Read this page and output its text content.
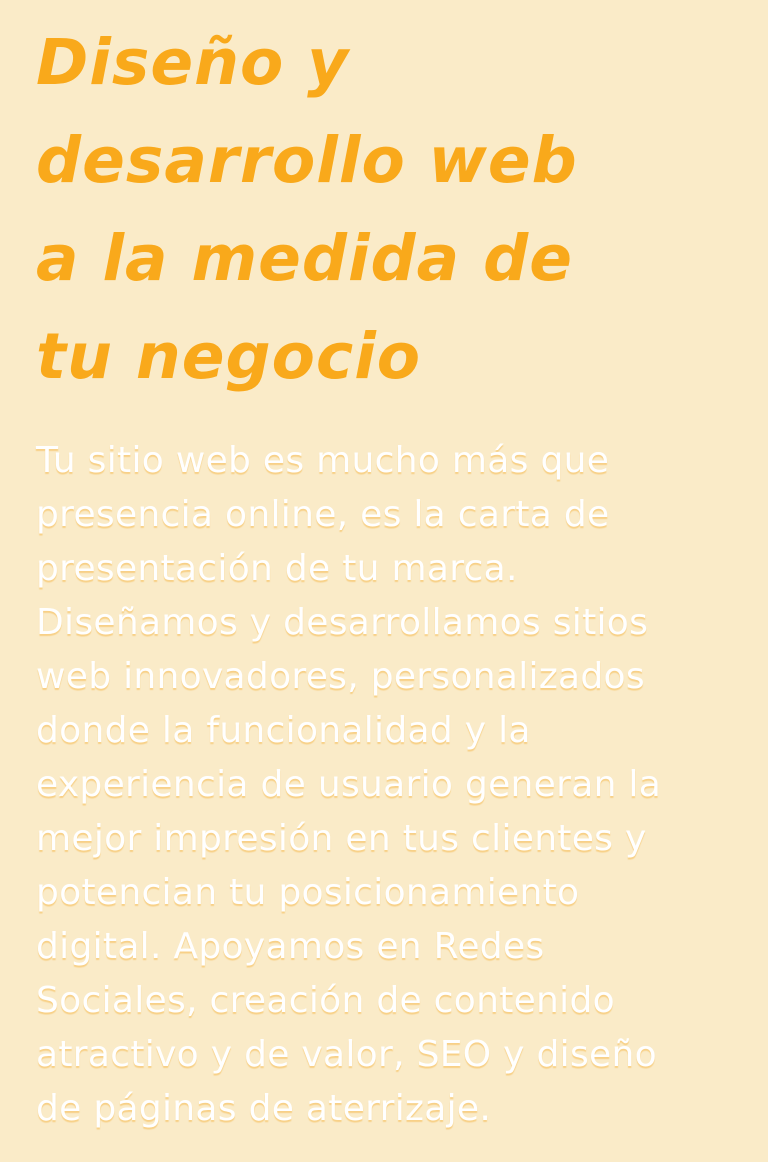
Diseño y
desarrollo web
a la medida de
tu negocio

Tu sitio web es mucho más que
presencia online, es la carta de
presentación de tu marca.
Diseñamos y desarrollamos sitios
web innovadores, personalizados
donde la funcionalidad y la
experiencia de usuario generan la
mejor impresión en tus clientes y
potencian tu posicionamiento
digital. Apoyamos en Redes
Sociales, creación de contenido
atractivo y de valor, SEO y diseño
de páginas de aterrizaje.
